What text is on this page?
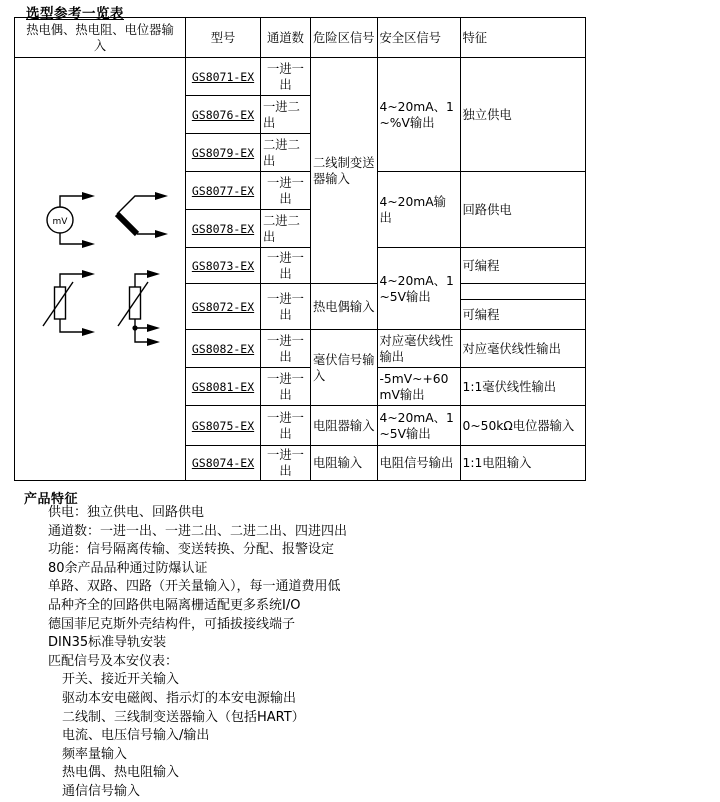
选型参考一览表
热电偶、热电阻、电位器输入	型号	通道数	危险区信号	安全区信号	特征

mV	GS8071-EX	一进一出	二线制变送器输入	4~20mA、1~%V输出	独立供电
	GS8076-EX	一进二出			
	GS8079-EX	二进二出			
	GS8077-EX	一进一出		4~20mA输出	回路供电
	GS8078-EX	二进二出			
	GS8073-EX	一进一出		4~20mA、1~5V输出	可编程
	GS8072-EX	一进一出	热电偶输入		
					可编程
	GS8082-EX	一进一出	毫伏信号输入	对应毫伏线性输出	对应毫伏线性输出
	GS8081-EX	一进一出		-5mV~+60mV输出	1:1毫伏线性输出
	GS8075-EX	一进一出	电阻器输入	4~20mA、1~5V输出	0~50kΩ电位器输入
	GS8074-EX	一进一出	电阻输入	电阻信号输出	1:1电阻输入
产品特征
供电：独立供电、回路供电
通道数：一进一出、一进二出、二进二出、四进四出
功能：信号隔离传输、变送转换、分配、报警设定
80余产品品种通过防爆认证
单路、双路、四路（开关量输入），每一通道费用低
品种齐全的回路供电隔离栅适配更多系统I/O
德国菲尼克斯外壳结构件，可插拔接线端子
DIN35标准导轨安装
匹配信号及本安仪表：
开关、接近开关输入
驱动本安电磁阀、指示灯的本安电源输出
二线制、三线制变送器输入（包括HART）
电流、电压信号输入/输出
频率量输入
热电偶、热电阻输入
通信信号输入
